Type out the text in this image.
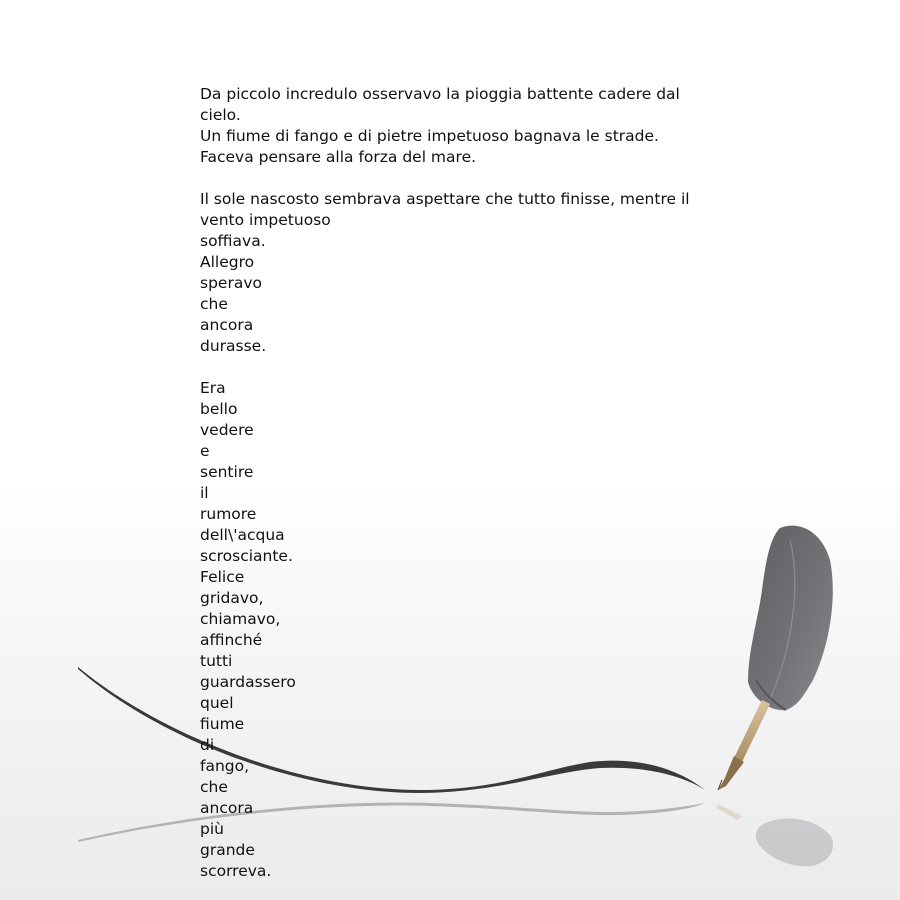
Da piccolo incredulo osservavo la pioggia battente cadere dal cielo.
Un fiume di fango e di pietre impetuoso bagnava le strade.
Faceva pensare alla forza del mare.
Il sole nascosto sembrava aspettare che tutto finisse, mentre il vento impetuoso
soffiava.
Allegro
speravo
che
ancora
durasse.
Era
bello
vedere
e
sentire
il
rumore
dell\'acqua
scrosciante.
Felice
gridavo,
chiamavo,
affinché
tutti
guardassero
quel
fiume
di
fango,
che
ancora
più
grande
scorreva.
